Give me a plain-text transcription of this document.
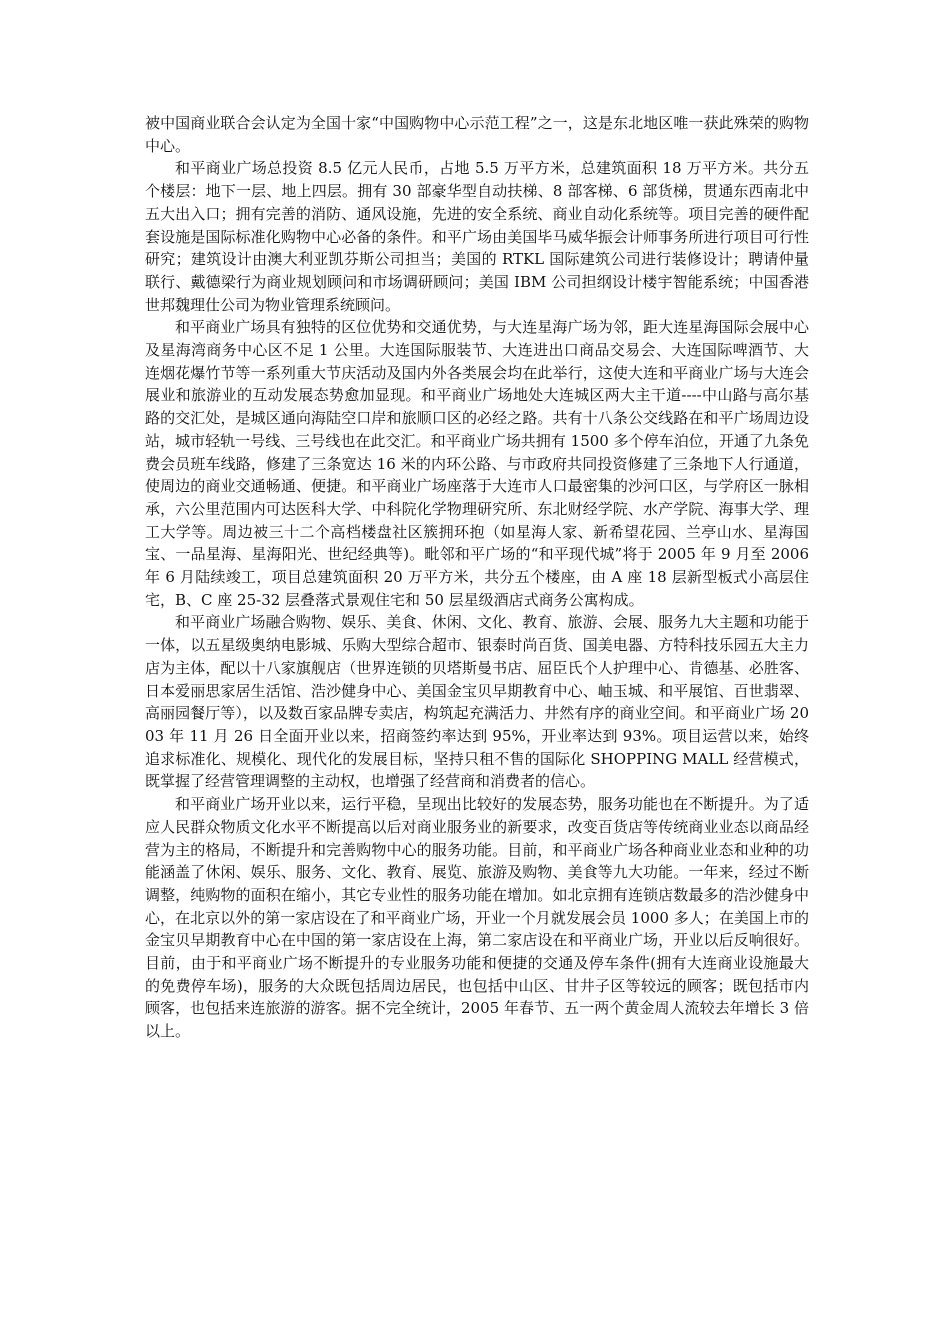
被中国商业联合会认定为全国十家“中国购物中心示范工程”之一，这是东北地区唯一获此殊荣的购物中心。

和平商业广场总投资 8.5 亿元人民币，占地 5.5 万平方米，总建筑面积 18 万平方米。共分五个楼层：地下一层、地上四层。拥有 30 部豪华型自动扶梯、8 部客梯、6 部货梯，贯通东西南北中五大出入口；拥有完善的消防、通风设施，先进的安全系统、商业自动化系统等。项目完善的硬件配套设施是国际标准化购物中心必备的条件。和平广场由美国毕马威华振会计师事务所进行项目可行性研究；建筑设计由澳大利亚凯芬斯公司担当；美国的 RTKL 国际建筑公司进行装修设计；聘请仲量联行、戴德梁行为商业规划顾问和市场调研顾问；美国 IBM 公司担纲设计楼宇智能系统；中国香港世邦魏理仕公司为物业管理系统顾问。

和平商业广场具有独特的区位优势和交通优势，与大连星海广场为邻，距大连星海国际会展中心及星海湾商务中心区不足 1 公里。大连国际服装节、大连进出口商品交易会、大连国际啤酒节、大连烟花爆竹节等一系列重大节庆活动及国内外各类展会均在此举行，这使大连和平商业广场与大连会展业和旅游业的互动发展态势愈加显现。和平商业广场地处大连城区两大主干道----中山路与高尔基路的交汇处，是城区通向海陆空口岸和旅顺口区的必经之路。共有十八条公交线路在和平广场周边设站，城市轻轨一号线、三号线也在此交汇。和平商业广场共拥有 1500 多个停车泊位，开通了九条免费会员班车线路，修建了三条宽达 16 米的内环公路、与市政府共同投资修建了三条地下人行通道，使周边的商业交通畅通、便捷。和平商业广场座落于大连市人口最密集的沙河口区，与学府区一脉相承，六公里范围内可达医科大学、中科院化学物理研究所、东北财经学院、水产学院、海事大学、理工大学等。周边被三十二个高档楼盘社区簇拥环抱（如星海人家、新希望花园、兰亭山水、星海国宝、一品星海、星海阳光、世纪经典等)。毗邻和平广场的“和平现代城”将于 2005 年 9 月至 2006 年 6 月陆续竣工，项目总建筑面积 20 万平方米，共分五个楼座，由 A 座 18 层新型板式小高层住宅，B、C 座 25-32 层叠落式景观住宅和 50 层星级酒店式商务公寓构成。

和平商业广场融合购物、娱乐、美食、休闲、文化、教育、旅游、会展、服务九大主题和功能于一体，以五星级奥纳电影城、乐购大型综合超市、银泰时尚百货、国美电器、方特科技乐园五大主力店为主体，配以十八家旗舰店（世界连锁的贝塔斯曼书店、屈臣氏个人护理中心、肯德基、必胜客、日本爱丽思家居生活馆、浩沙健身中心、美国金宝贝早期教育中心、岫玉城、和平展馆、百世翡翠、高丽园餐厅等），以及数百家品牌专卖店，构筑起充满活力、井然有序的商业空间。和平商业广场 2003 年 11 月 26 日全面开业以来，招商签约率达到 95%，开业率达到 93%。项目运营以来，始终追求标准化、规模化、现代化的发展目标，坚持只租不售的国际化 SHOPPING MALL 经营模式，既掌握了经营管理调整的主动权，也增强了经营商和消费者的信心。

和平商业广场开业以来，运行平稳，呈现出比较好的发展态势，服务功能也在不断提升。为了适应人民群众物质文化水平不断提高以后对商业服务业的新要求，改变百货店等传统商业业态以商品经营为主的格局，不断提升和完善购物中心的服务功能。目前，和平商业广场各种商业业态和业种的功能涵盖了休闲、娱乐、服务、文化、教育、展览、旅游及购物、美食等九大功能。一年来，经过不断调整，纯购物的面积在缩小，其它专业性的服务功能在增加。如北京拥有连锁店数最多的浩沙健身中心，在北京以外的第一家店设在了和平商业广场，开业一个月就发展会员 1000 多人；在美国上市的金宝贝早期教育中心在中国的第一家店设在上海，第二家店设在和平商业广场，开业以后反响很好。目前，由于和平商业广场不断提升的专业服务功能和便捷的交通及停车条件(拥有大连商业设施最大的免费停车场)，服务的大众既包括周边居民，也包括中山区、甘井子区等较远的顾客；既包括市内顾客，也包括来连旅游的游客。据不完全统计，2005 年春节、五一两个黄金周人流较去年增长 3 倍以上。
